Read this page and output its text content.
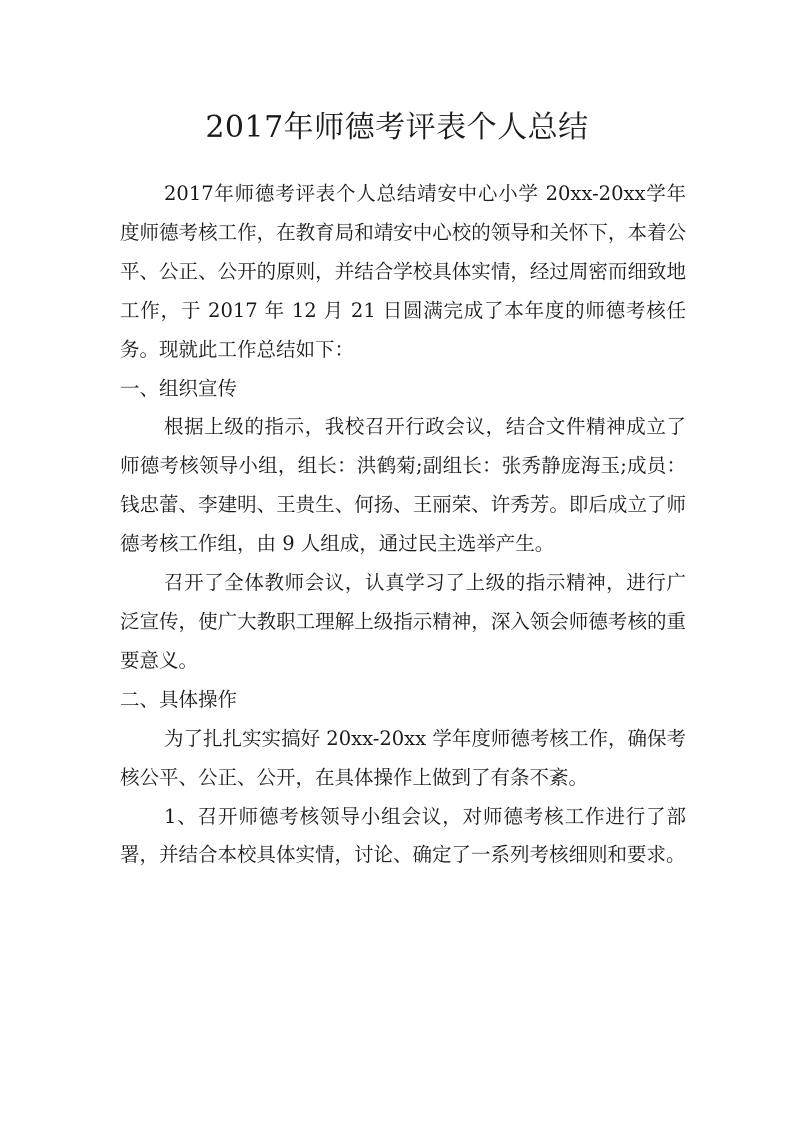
2017年师德考评表个人总结

2017年师德考评表个人总结靖安中心小学 20xx-20xx学年度师德考核工作，在教育局和靖安中心校的领导和关怀下，本着公平、公正、公开的原则，并结合学校具体实情，经过周密而细致地工作，于 2017 年 12 月 21 日圆满完成了本年度的师德考核任务。现就此工作总结如下：

一、组织宣传

根据上级的指示，我校召开行政会议，结合文件精神成立了师德考核领导小组，组长：洪鹤菊;副组长：张秀静庞海玉;成员：钱忠蕾、李建明、王贵生、何扬、王丽荣、许秀芳。即后成立了师德考核工作组，由 9 人组成，通过民主选举产生。

召开了全体教师会议，认真学习了上级的指示精神，进行广泛宣传，使广大教职工理解上级指示精神，深入领会师德考核的重要意义。

二、具体操作

为了扎扎实实搞好 20xx-20xx 学年度师德考核工作，确保考核公平、公正、公开，在具体操作上做到了有条不紊。

1、召开师德考核领导小组会议，对师德考核工作进行了部署，并结合本校具体实情，讨论、确定了一系列考核细则和要求。
